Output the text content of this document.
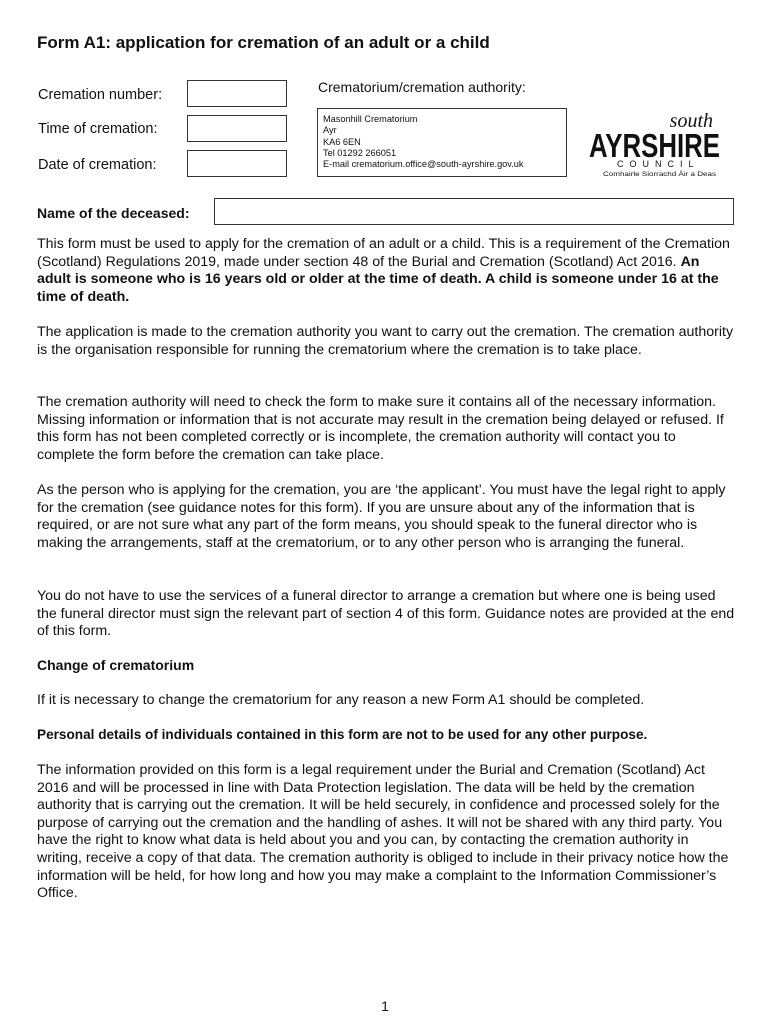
Form A1: application for cremation of an adult or a child
Cremation number:
Time of cremation:
Date of cremation:
Crematorium/cremation authority:
Masonhill Crematorium
Ayr
KA6 6EN
Tel 01292 266051
E-mail crematorium.office@south-ayrshire.gov.uk
south
AYRSHIRE
COUNCIL
Comhairle Siorrachd Àir a Deas
Name of the deceased:
This form must be used to apply for the cremation of an adult or a child. This is a requirement of the Cremation (Scotland) Regulations 2019, made under section 48 of the Burial and Cremation (Scotland) Act 2016. An adult is someone who is 16 years old or older at the time of death. A child is someone under 16 at the time of death.
The application is made to the cremation authority you want to carry out the cremation. The cremation authority is the organisation responsible for running the crematorium where the cremation is to take place.
The cremation authority will need to check the form to make sure it contains all of the necessary information. Missing information or information that is not accurate may result in the cremation being delayed or refused. If this form has not been completed correctly or is incomplete, the cremation authority will contact you to complete the form before the cremation can take place.
As the person who is applying for the cremation, you are ‘the applicant’. You must have the legal right to apply for the cremation (see guidance notes for this form). If you are unsure about any of the information that is required, or are not sure what any part of the form means, you should speak to the funeral director who is making the arrangements, staff at the crematorium, or to any other person who is arranging the funeral.
You do not have to use the services of a funeral director to arrange a cremation but where one is being used the funeral director must sign the relevant part of section 4 of this form. Guidance notes are provided at the end of this form.
Change of crematorium
If it is necessary to change the crematorium for any reason a new Form A1 should be completed.
Personal details of individuals contained in this form are not to be used for any other purpose.
The information provided on this form is a legal requirement under the Burial and Cremation (Scotland) Act 2016 and will be processed in line with Data Protection legislation. The data will be held by the cremation authority that is carrying out the cremation. It will be held securely, in confidence and processed solely for the purpose of carrying out the cremation and the handling of ashes. It will not be shared with any third party. You have the right to know what data is held about you and you can, by contacting the cremation authority in writing, receive a copy of that data. The cremation authority is obliged to include in their privacy notice how the information will be held, for how long and how you may make a complaint to the Information Commissioner’s Office.
1
